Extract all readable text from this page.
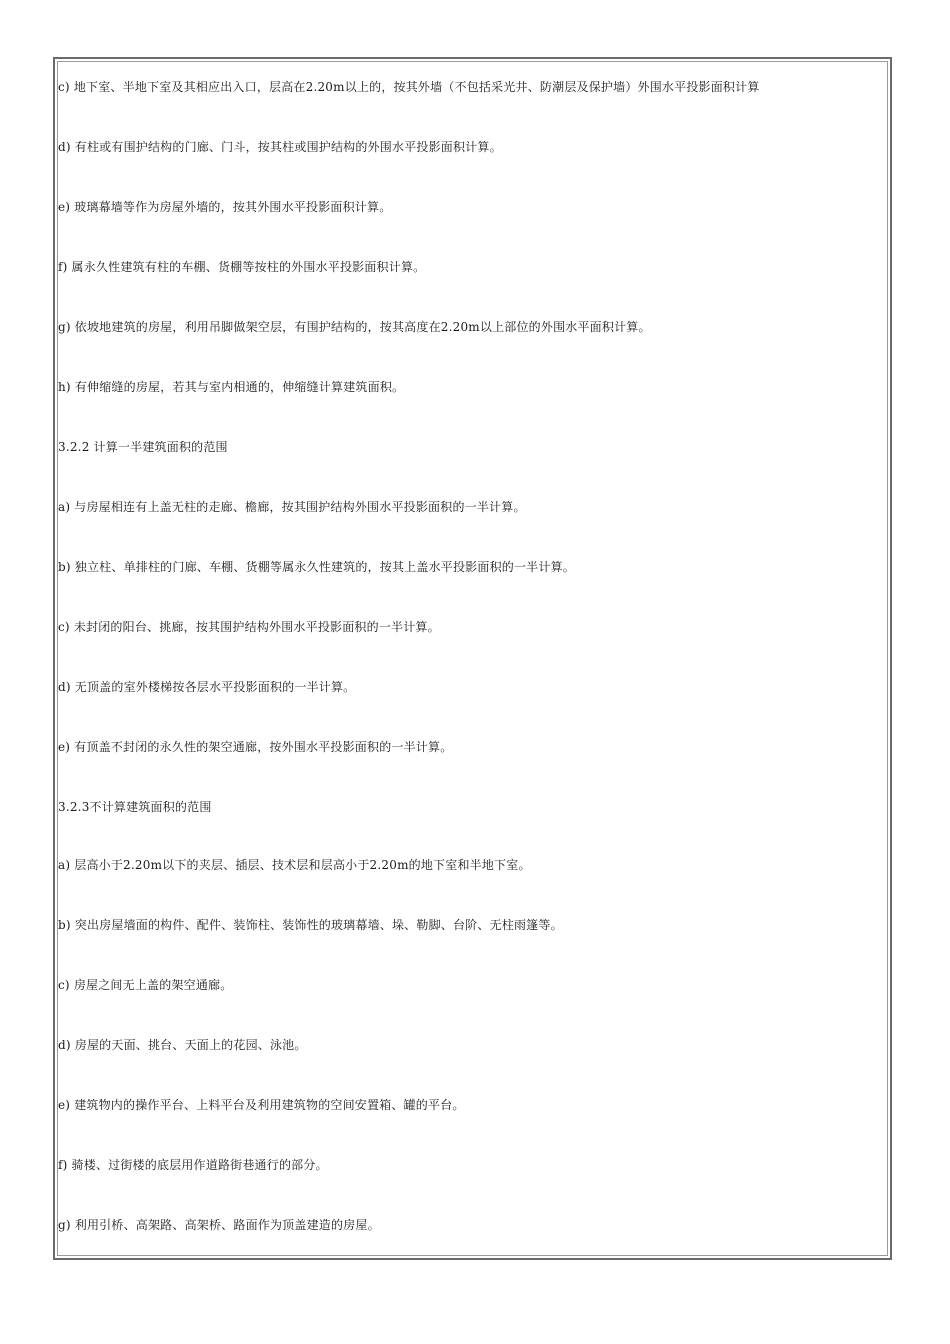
c) 地下室、半地下室及其相应出入口，层高在2.20m以上的，按其外墙（不包括采光井、防潮层及保护墙）外围水平投影面积计算
d) 有柱或有围护结构的门廊、门斗，按其柱或围护结构的外围水平投影面积计算。
e) 玻璃幕墙等作为房屋外墙的，按其外围水平投影面积计算。
f) 属永久性建筑有柱的车棚、货棚等按柱的外围水平投影面积计算。
g) 依坡地建筑的房屋，利用吊脚做架空层，有围护结构的，按其高度在2.20m以上部位的外围水平面积计算。
h) 有伸缩缝的房屋，若其与室内相通的，伸缩缝计算建筑面积。
3.2.2 计算一半建筑面积的范围
a) 与房屋相连有上盖无柱的走廊、檐廊，按其围护结构外围水平投影面积的一半计算。
b) 独立柱、单排柱的门廊、车棚、货棚等属永久性建筑的，按其上盖水平投影面积的一半计算。
c) 未封闭的阳台、挑廊，按其围护结构外围水平投影面积的一半计算。
d) 无顶盖的室外楼梯按各层水平投影面积的一半计算。
e) 有顶盖不封闭的永久性的架空通廊，按外围水平投影面积的一半计算。
3.2.3不计算建筑面积的范围
a) 层高小于2.20m以下的夹层、插层、技术层和层高小于2.20m的地下室和半地下室。
b) 突出房屋墙面的构件、配件、装饰柱、装饰性的玻璃幕墙、垛、勒脚、台阶、无柱雨篷等。
c) 房屋之间无上盖的架空通廊。
d) 房屋的天面、挑台、天面上的花园、泳池。
e) 建筑物内的操作平台、上料平台及利用建筑物的空间安置箱、罐的平台。
f) 骑楼、过街楼的底层用作道路街巷通行的部分。
g) 利用引桥、高架路、高架桥、路面作为顶盖建造的房屋。
